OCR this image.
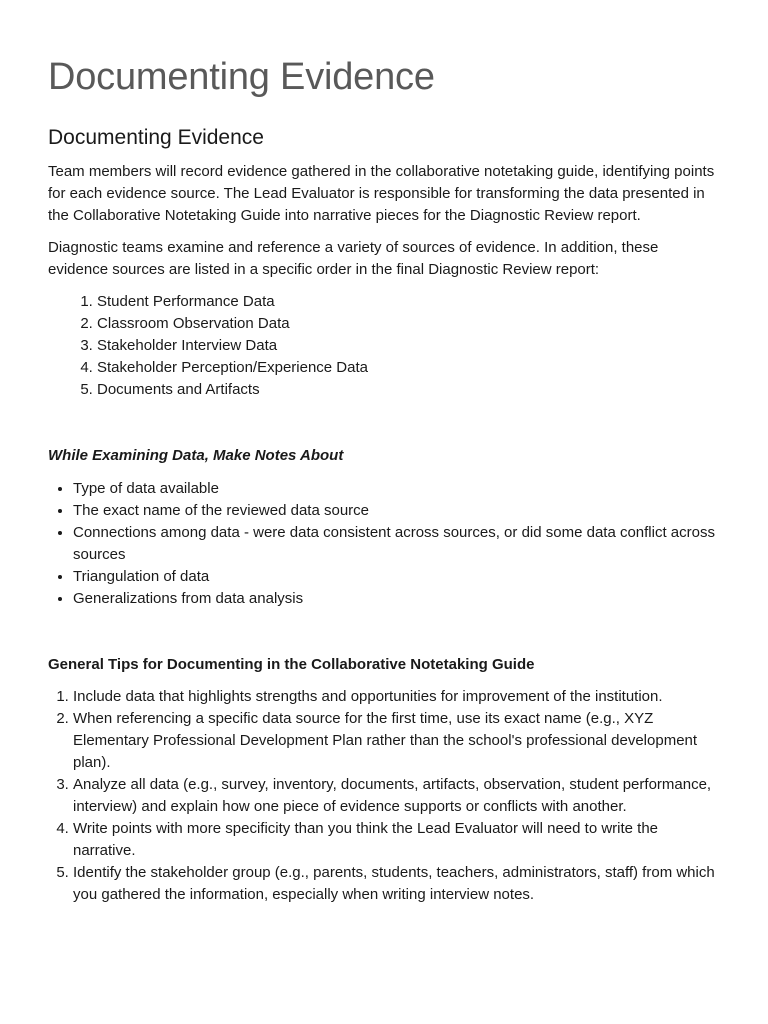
Documenting Evidence
Documenting Evidence

Team members will record evidence gathered in the collaborative notetaking guide, identifying points for each evidence source. The Lead Evaluator is responsible for transforming the data presented in the Collaborative Notetaking Guide into narrative pieces for the Diagnostic Review report.

Diagnostic teams examine and reference a variety of sources of evidence. In addition, these evidence sources are listed in a specific order in the final Diagnostic Review report:

1. Student Performance Data
2. Classroom Observation Data
3. Stakeholder Interview Data
4. Stakeholder Perception/Experience Data
5. Documents and Artifacts
While Examining Data, Make Notes About
• Type of data available
• The exact name of the reviewed data source
• Connections among data - were data consistent across sources, or did some data conflict across sources
• Triangulation of data
• Generalizations from data analysis
General Tips for Documenting in the Collaborative Notetaking Guide
1. Include data that highlights strengths and opportunities for improvement of the institution.
2. When referencing a specific data source for the first time, use its exact name (e.g., XYZ Elementary Professional Development Plan rather than the school's professional development plan).
3. Analyze all data (e.g., survey, inventory, documents, artifacts, observation, student performance, interview) and explain how one piece of evidence supports or conflicts with another.
4. Write points with more specificity than you think the Lead Evaluator will need to write the narrative.
5. Identify the stakeholder group (e.g., parents, students, teachers, administrators, staff) from which you gathered the information, especially when writing interview notes.
